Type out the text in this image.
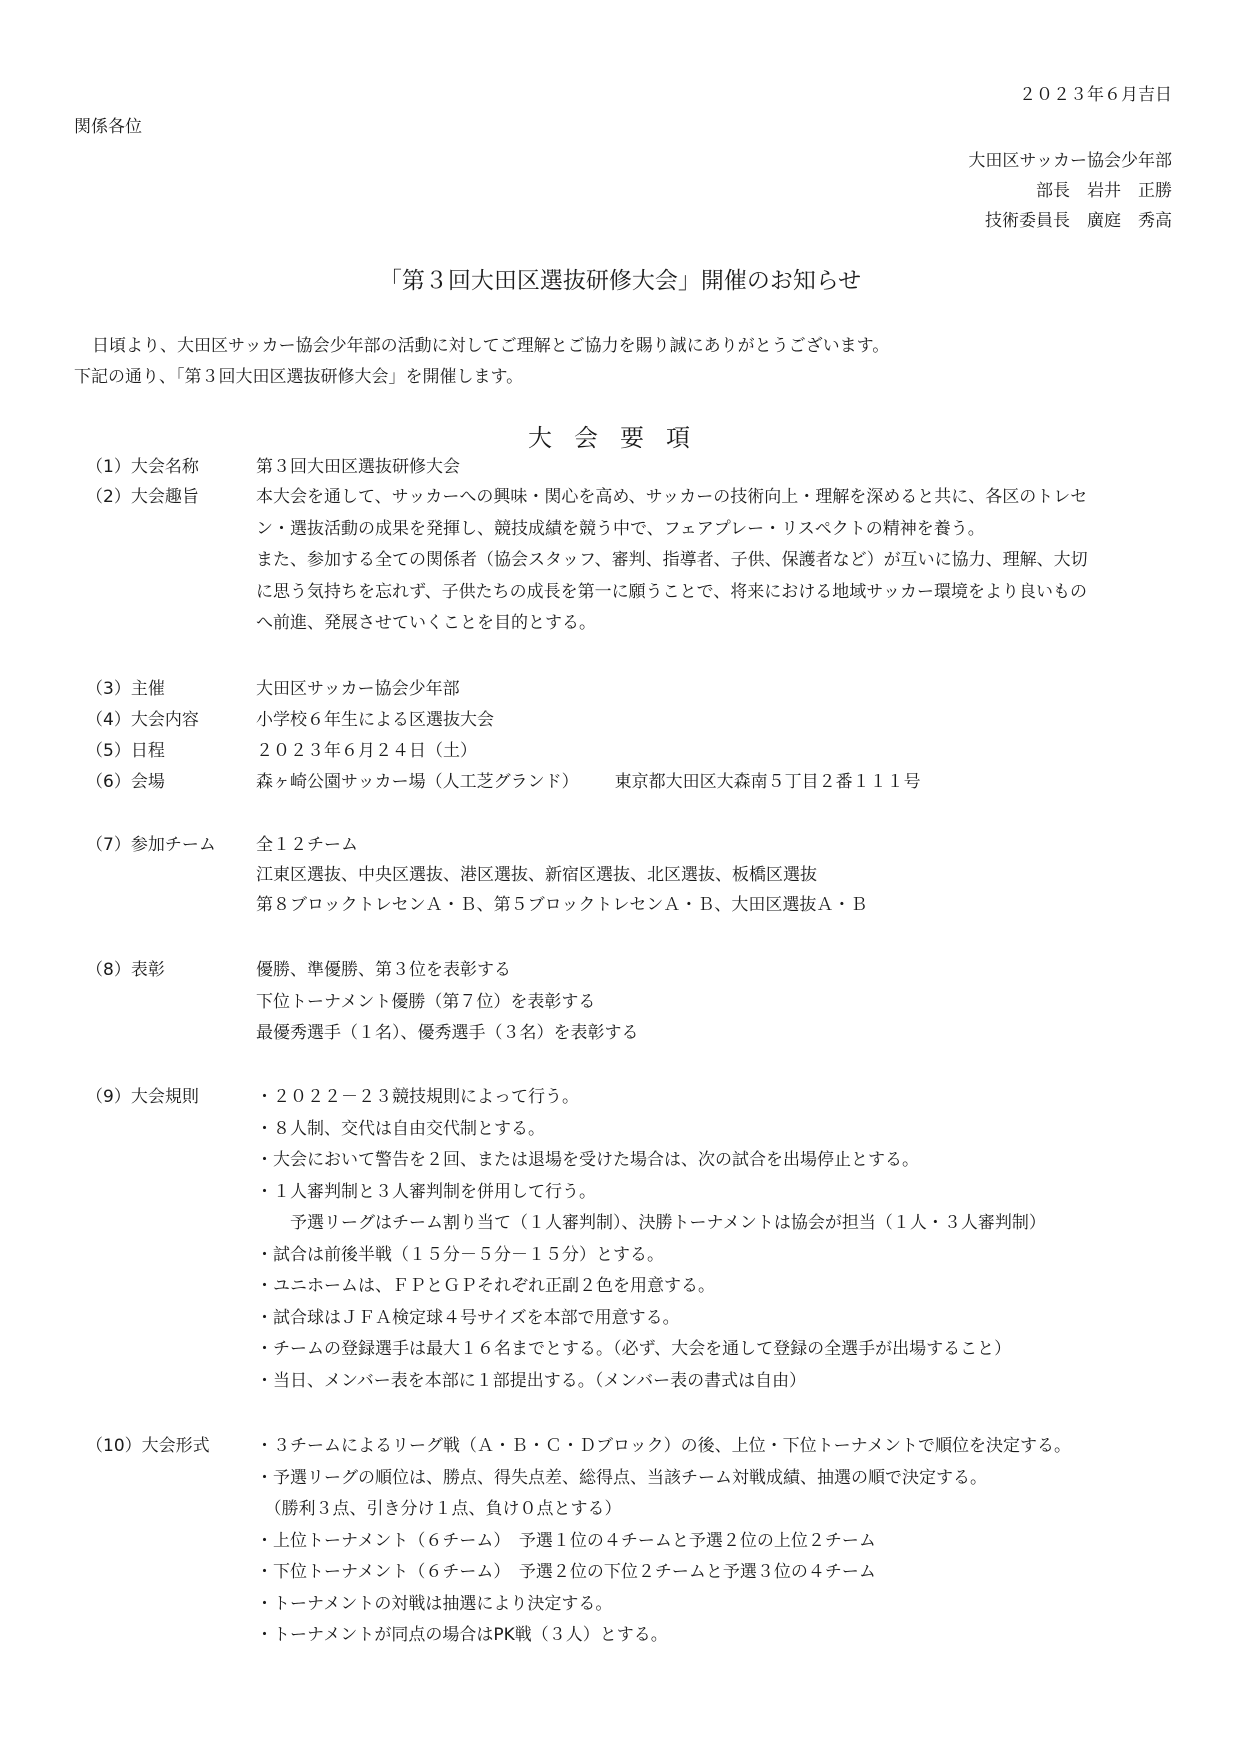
２０２３年６月吉日
関係各位
大田区サッカー協会少年部
部長　岩井　正勝
技術委員長　廣庭　秀高
「第３回大田区選抜研修大会」開催のお知らせ
日頃より、大田区サッカー協会少年部の活動に対してご理解とご協力を賜り誠にありがとうございます。
下記の通り、「第３回大田区選抜研修大会」を開催します。
大会要項
（1）大会名称	第３回大田区選抜研修大会
（2）大会趣旨	本大会を通して、サッカーへの興味・関心を高め、サッカーの技術向上・理解を深めると共に、各区のトレセ
ン・選抜活動の成果を発揮し、競技成績を競う中で、フェアプレー・リスペクトの精神を養う。
また、参加する全ての関係者（協会スタッフ、審判、指導者、子供、保護者など）が互いに協力、理解、大切
に思う気持ちを忘れず、子供たちの成長を第一に願うことで、将来における地域サッカー環境をより良いもの
へ前進、発展させていくことを目的とする。
（3）主催	大田区サッカー協会少年部
（4）大会内容	小学校６年生による区選抜大会
（5）日程	２０２３年６月２４日（土）
（6）会場	森ヶ崎公園サッカー場（人工芝グランド） 東京都大田区大森南５丁目２番１１１号
（7）参加チーム 全１２チーム
江東区選抜、中央区選抜、港区選抜、新宿区選抜、北区選抜、板橋区選抜
第８ブロックトレセンＡ・Ｂ、第５ブロックトレセンＡ・Ｂ、大田区選抜Ａ・Ｂ
（8）表彰	優勝、準優勝、第３位を表彰する
下位トーナメント優勝（第７位）を表彰する
最優秀選手（１名）、優秀選手（３名）を表彰する
（9）大会規則	・２０２２－２３競技規則によって行う。
・８人制、交代は自由交代制とする。
・大会において警告を２回、または退場を受けた場合は、次の試合を出場停止とする。
・１人審判制と３人審判制を併用して行う。
　　予選リーグはチーム割り当て（１人審判制）、決勝トーナメントは協会が担当（１人・３人審判制）
・試合は前後半戦（１５分－５分－１５分）とする。
・ユニホームは、ＦＰとＧＰそれぞれ正副２色を用意する。
・試合球はＪＦＡ検定球４号サイズを本部で用意する。
・チームの登録選手は最大１６名までとする。（必ず、大会を通して登録の全選手が出場すること）
・当日、メンバー表を本部に１部提出する。（メンバー表の書式は自由）
（10）大会形式	・３チームによるリーグ戦（Ａ・Ｂ・Ｃ・Ｄブロック）の後、上位・下位トーナメントで順位を決定する。
・予選リーグの順位は、勝点、得失点差、総得点、当該チーム対戦成績、抽選の順で決定する。
　（勝利３点、引き分け１点、負け０点とする）
・上位トーナメント（６チーム）　予選１位の４チームと予選２位の上位２チーム
・下位トーナメント（６チーム）　予選２位の下位２チームと予選３位の４チーム
・トーナメントの対戦は抽選により決定する。
・トーナメントが同点の場合はPK戦（３人）とする。
